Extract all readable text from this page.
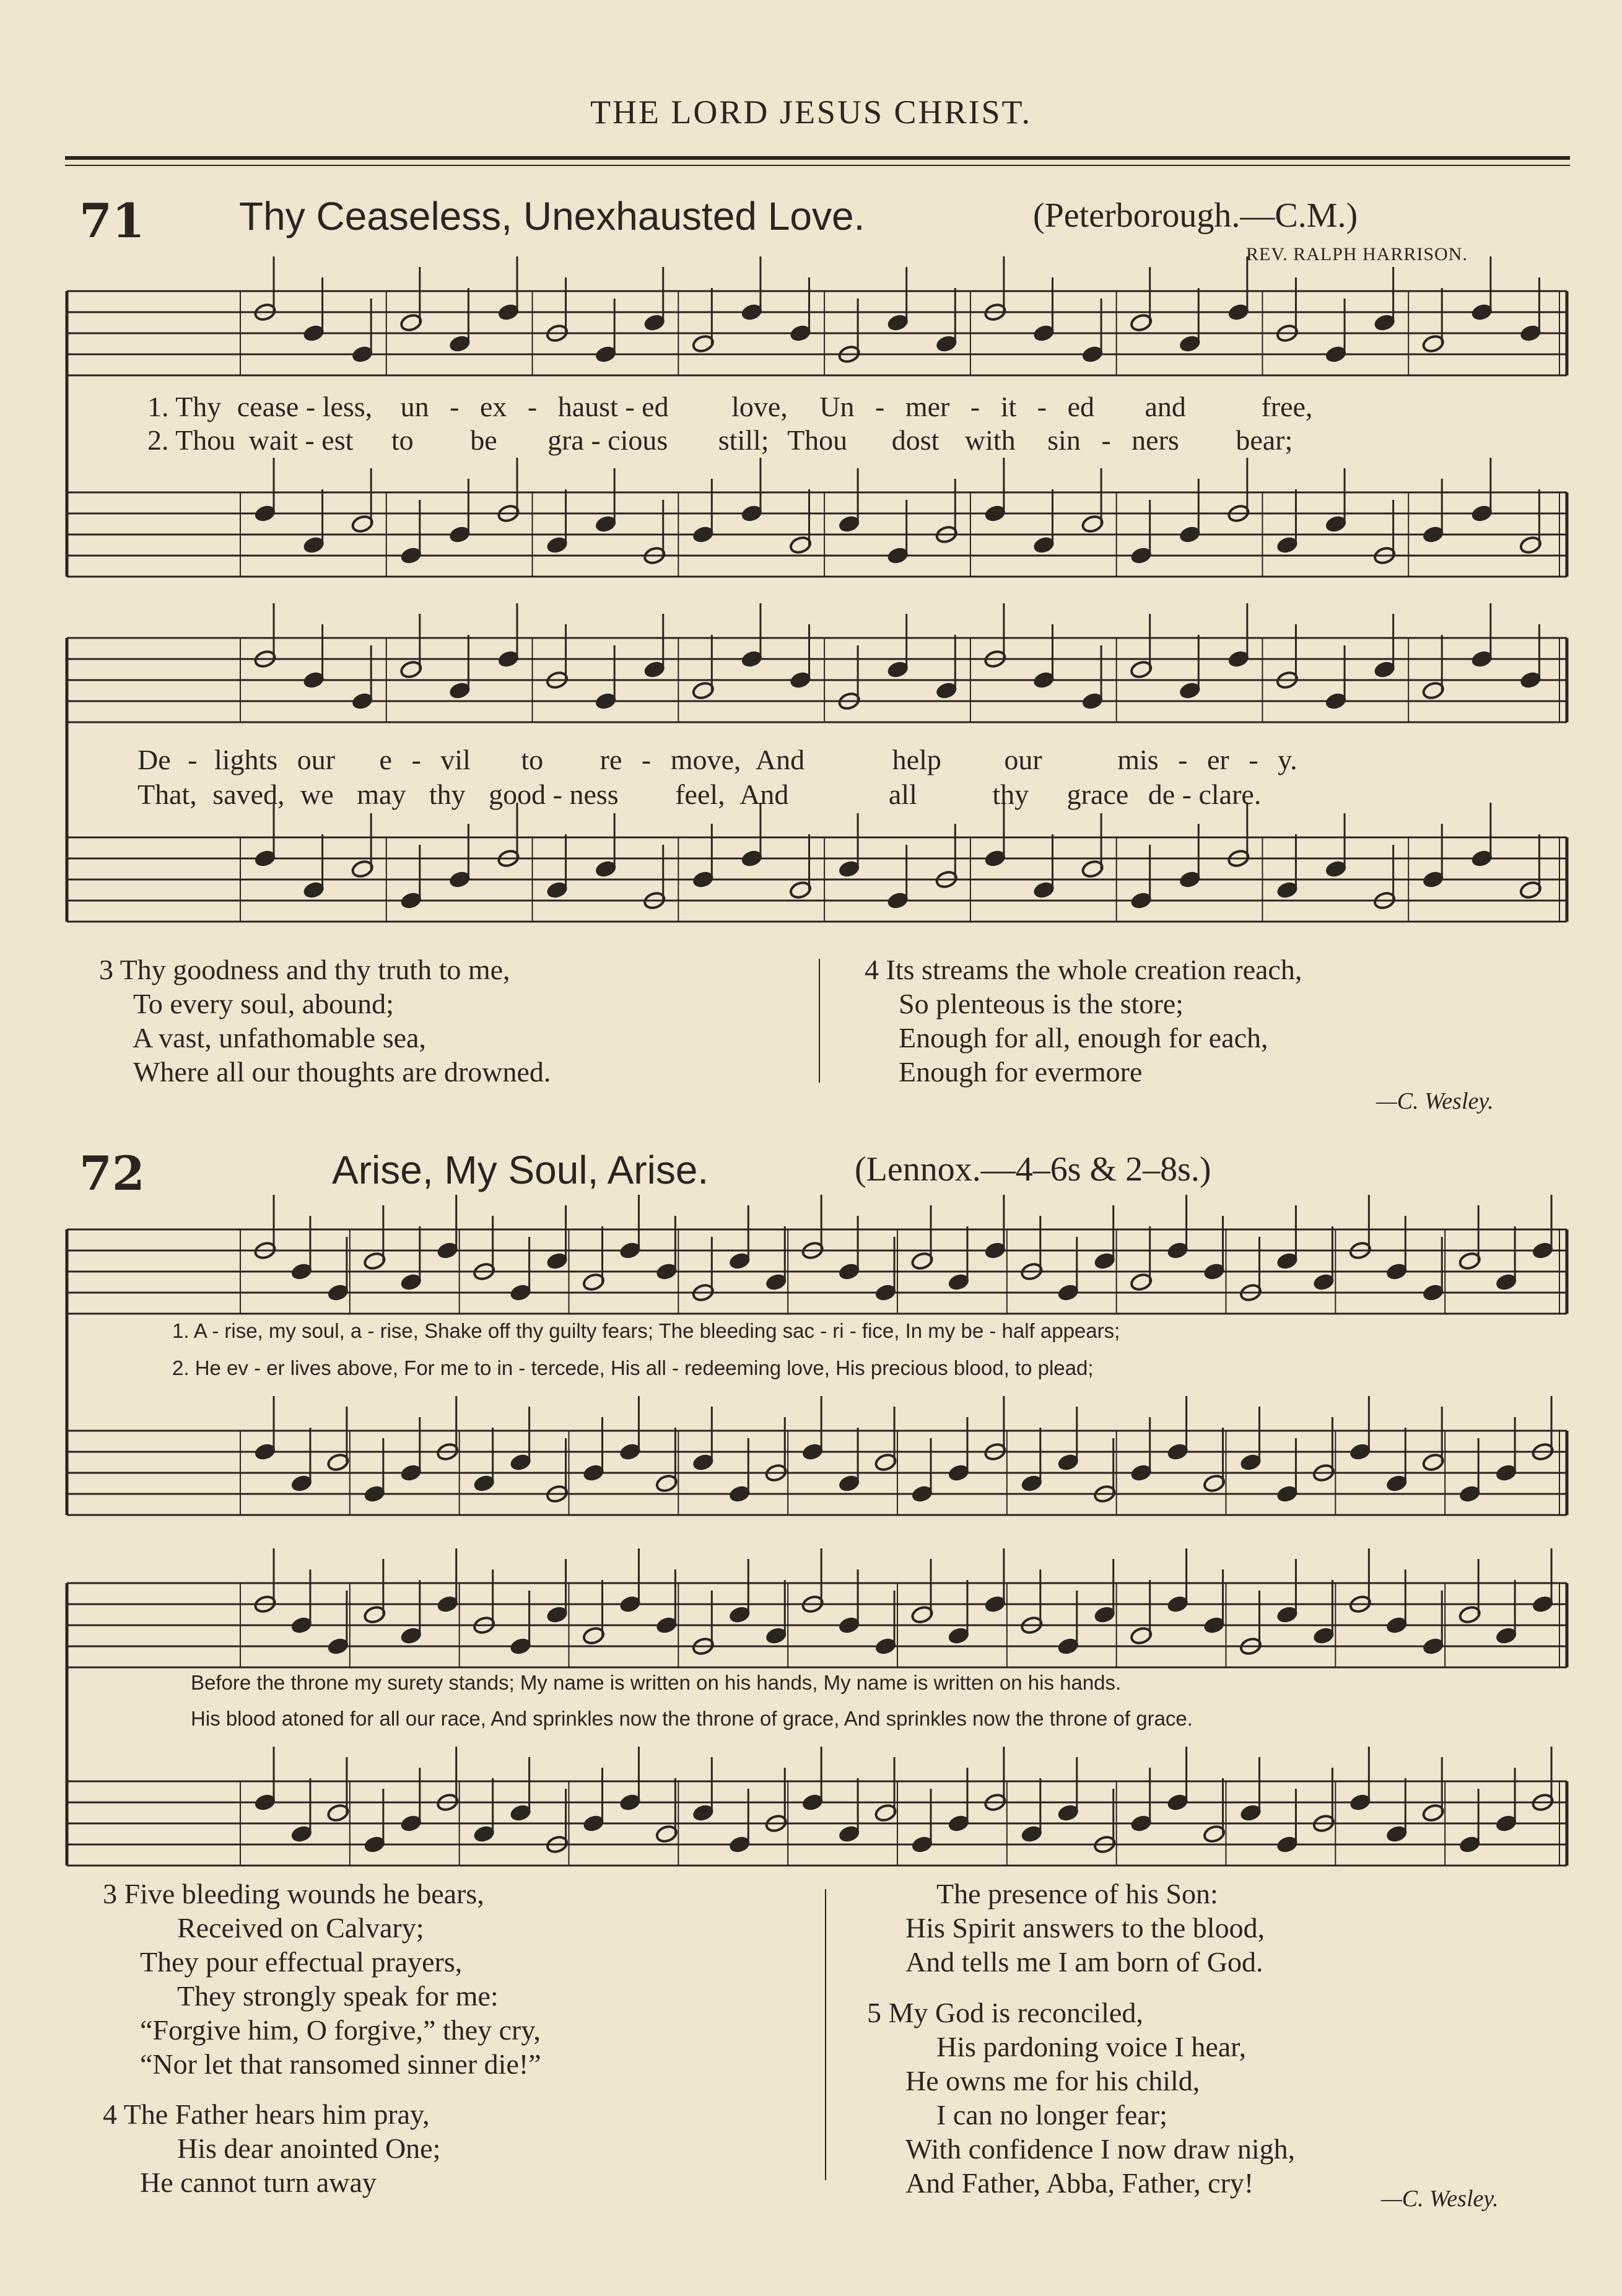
THE LORD JESUS CHRIST.
71 Thy Ceaseless, Unexhausted Love.	(Peterborough.—C.M.)
REV. RALPH HARRISON.
1. Thy cease - less, un - ex - haust - ed love, Un - mer - it - ed and	free,
2. Thou wait - est to be gra - cious still; Thou dost with sin - ners bear;
De - lights our e - vil to re - move, And	help our	mis - er - y.
That, saved, we may thy good - ness feel, And	all	thy grace de - clare.
3 Thy goodness and thy truth to me,
To every soul, abound;
A vast, unfathomable sea,
Where all our thoughts are drowned.
4 Its streams the whole creation reach,
So plenteous is the store;
Enough for all, enough for each,
Enough for evermore
—C. Wesley.
72	Arise, My Soul, Arise.	(Lennox.—4–6s & 2–8s.)
1. A - rise, my soul, a - rise, Shake off thy guilty fears; The bleeding sac - ri - fice, In my be - half appears;
2. He ev - er lives above, For me to in - tercede, His all - redeeming love, His precious blood, to plead;
Before the throne my surety stands; My name is written on his hands, My name is written on his hands.
His blood atoned for all our race, And sprinkles now the throne of grace, And sprinkles now the throne of grace.
3 Five bleeding wounds he bears,
Received on Calvary;
They pour effectual prayers,
They strongly speak for me:
“Forgive him, O forgive,” they cry,
“Nor let that ransomed sinner die!”
4 The Father hears him pray,
His dear anointed One;
He cannot turn away
The presence of his Son:
His Spirit answers to the blood,
And tells me I am born of God.
5 My God is reconciled,
His pardoning voice I hear,
He owns me for his child,
I can no longer fear;
With confidence I now draw nigh,
And Father, Abba, Father, cry!	—C. Wesley.
